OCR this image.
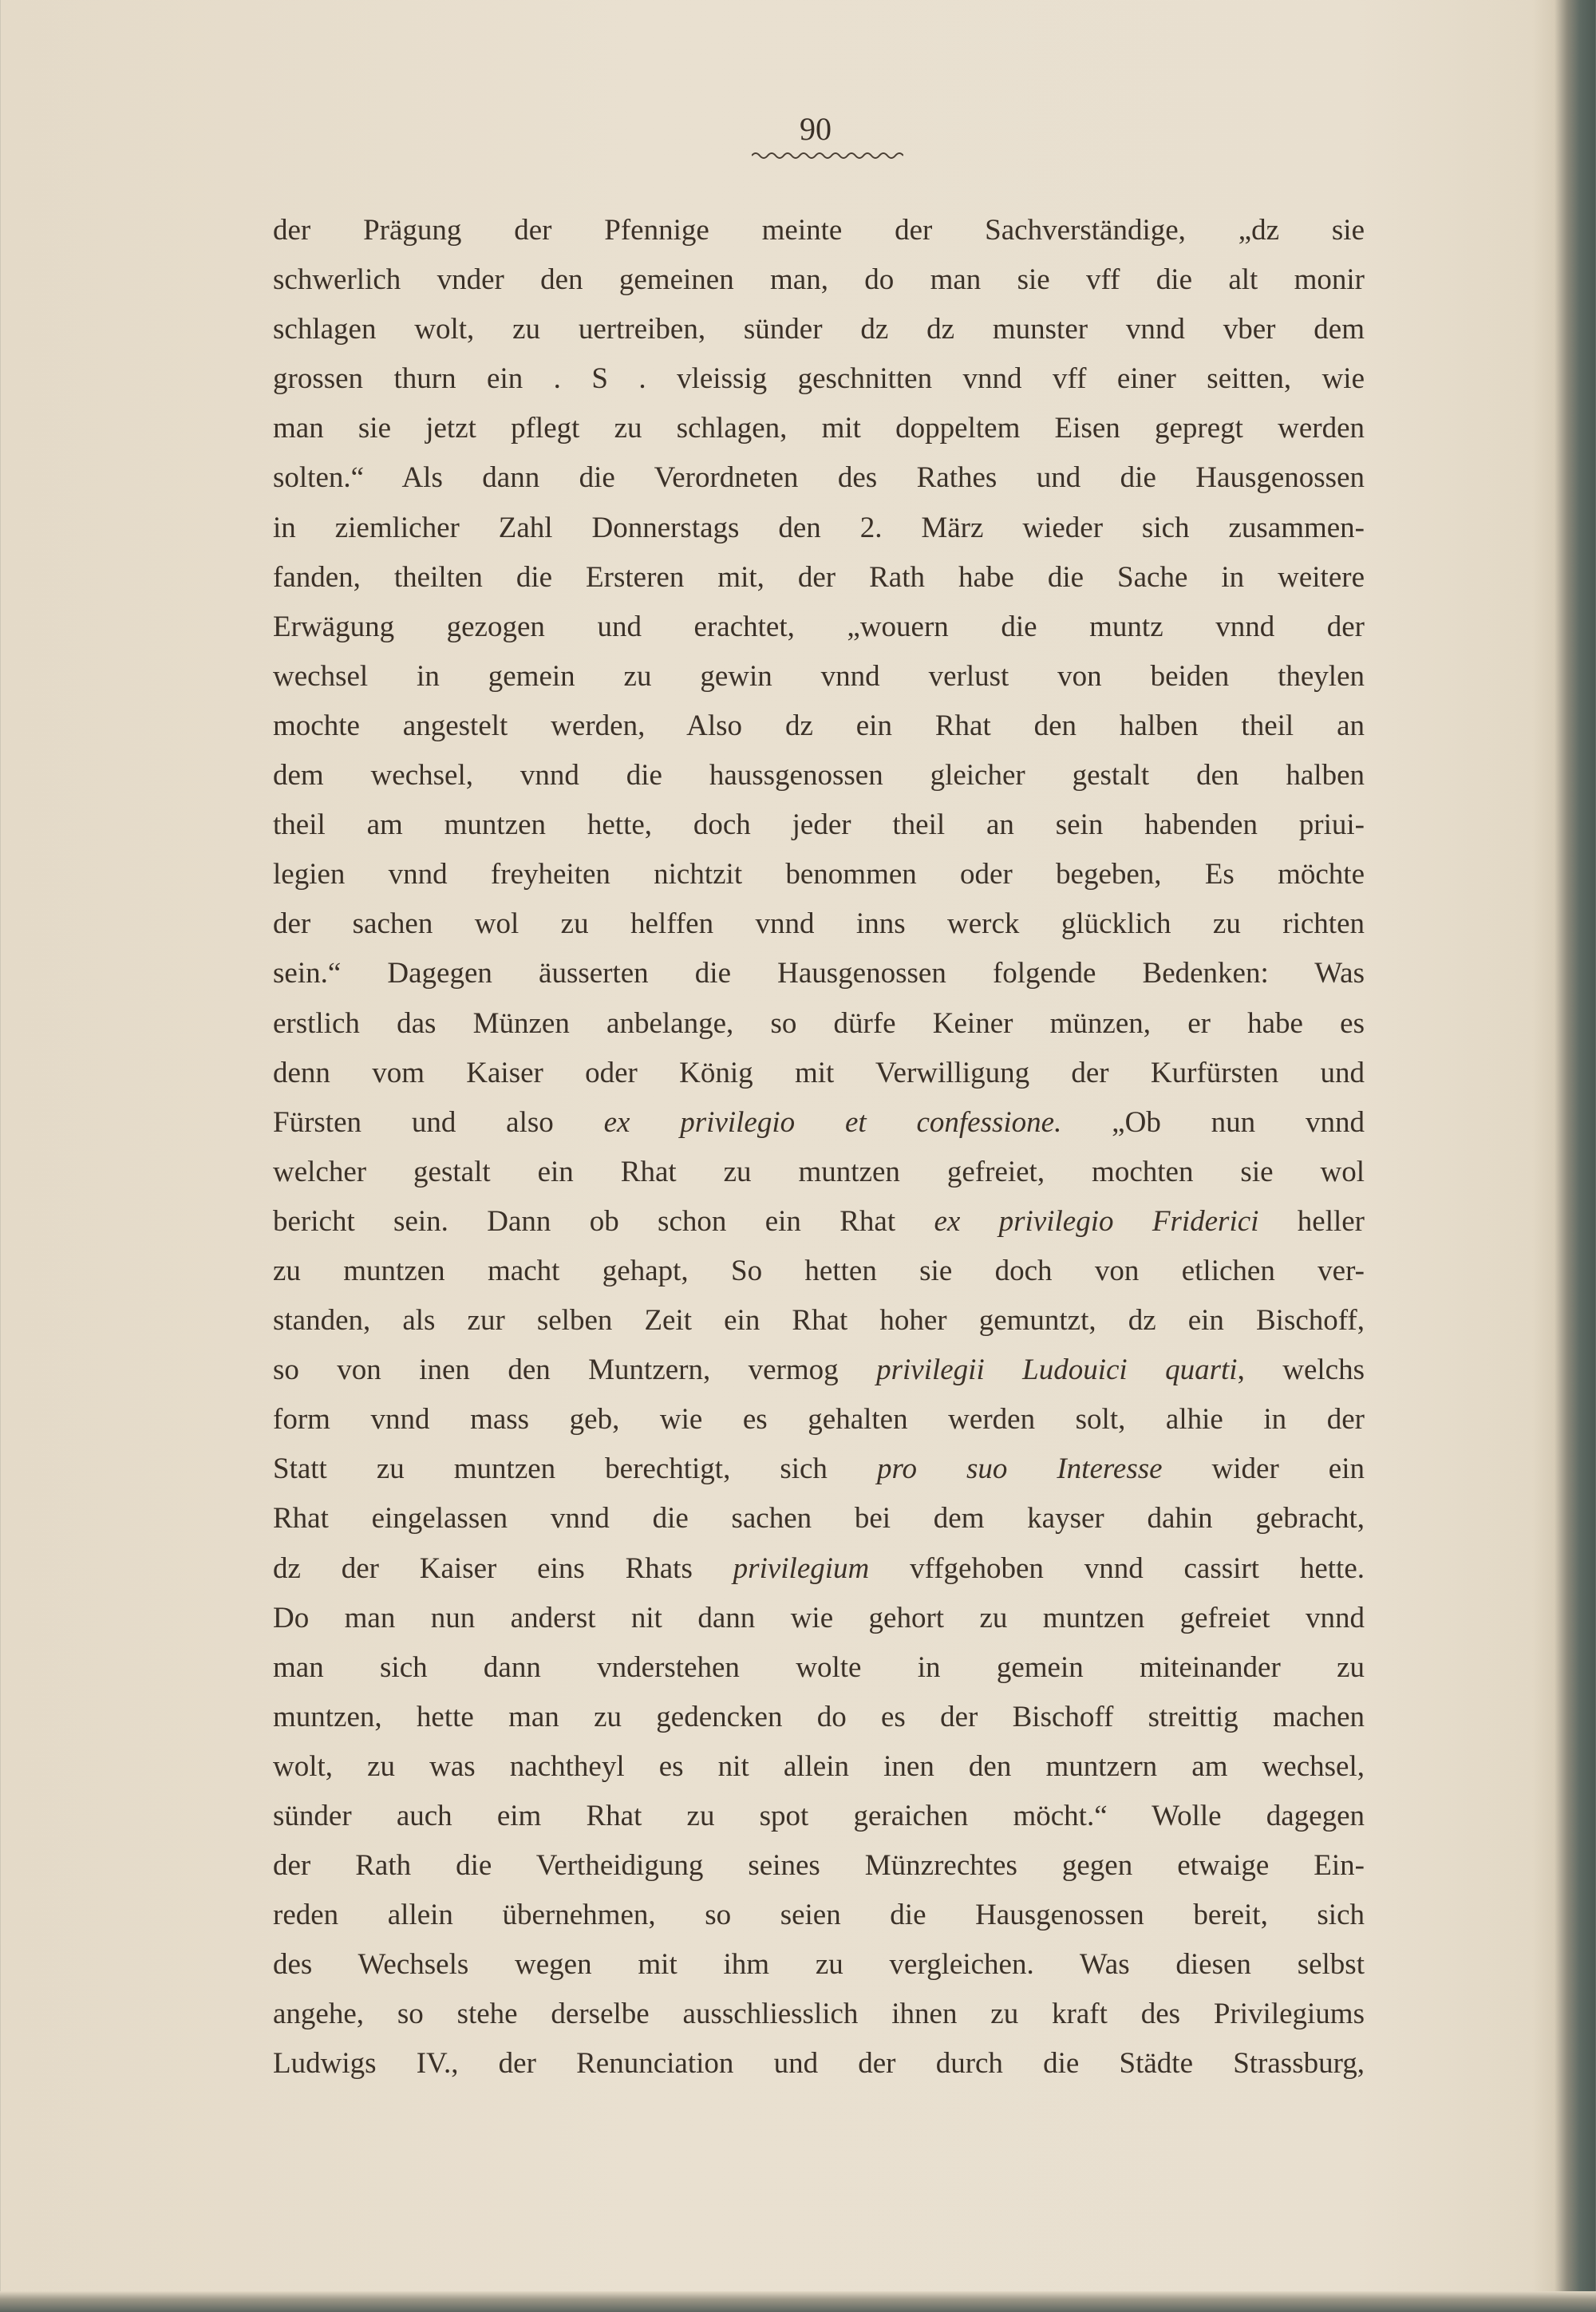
90
der Prägung der Pfennige meinte der Sachverständige, „dz sie
schwerlich vnder den gemeinen man, do man sie vff die alt monir
schlagen wolt, zu uertreiben, sünder dz dz munster vnnd vber dem
grossen thurn ein . S . vleissig geschnitten vnnd vff einer seitten, wie
man sie jetzt pflegt zu schlagen, mit doppeltem Eisen gepregt werden
solten.“ Als dann die Verordneten des Rathes und die Hausgenossen
in ziemlicher Zahl Donnerstags den 2. März wieder sich zusammen-
fanden, theilten die Ersteren mit, der Rath habe die Sache in weitere
Erwägung gezogen und erachtet, „wouern die muntz vnnd der
wechsel in gemein zu gewin vnnd verlust von beiden theylen
mochte angestelt werden, Also dz ein Rhat den halben theil an
dem wechsel, vnnd die haussgenossen gleicher gestalt den halben
theil am muntzen hette, doch jeder theil an sein habenden priui-
legien vnnd freyheiten nichtzit benommen oder begeben, Es möchte
der sachen wol zu helffen vnnd inns werck glücklich zu richten
sein.“ Dagegen äusserten die Hausgenossen folgende Bedenken: Was
erstlich das Münzen anbelange, so dürfe Keiner münzen, er habe es
denn vom Kaiser oder König mit Verwilligung der Kurfürsten und
Fürsten und also ex privilegio et confessione. „Ob nun vnnd
welcher gestalt ein Rhat zu muntzen gefreiet, mochten sie wol
bericht sein. Dann ob schon ein Rhat ex privilegio Friderici heller
zu muntzen macht gehapt, So hetten sie doch von etlichen ver-
standen, als zur selben Zeit ein Rhat hoher gemuntzt, dz ein Bischoff,
so von inen den Muntzern, vermog privilegii Ludouici quarti, welchs
form vnnd mass geb, wie es gehalten werden solt, alhie in der
Statt zu muntzen berechtigt, sich pro suo Interesse wider ein
Rhat eingelassen vnnd die sachen bei dem kayser dahin gebracht,
dz der Kaiser eins Rhats privilegium vffgehoben vnnd cassirt hette.
Do man nun anderst nit dann wie gehort zu muntzen gefreiet vnnd
man sich dann vnderstehen wolte in gemein miteinander zu
muntzen, hette man zu gedencken do es der Bischoff streittig machen
wolt, zu was nachtheyl es nit allein inen den muntzern am wechsel,
sünder auch eim Rhat zu spot geraichen möcht.“ Wolle dagegen
der Rath die Vertheidigung seines Münzrechtes gegen etwaige Ein-
reden allein übernehmen, so seien die Hausgenossen bereit, sich
des Wechsels wegen mit ihm zu vergleichen. Was diesen selbst
angehe, so stehe derselbe ausschliesslich ihnen zu kraft des Privilegiums
Ludwigs IV., der Renunciation und der durch die Städte Strassburg,
